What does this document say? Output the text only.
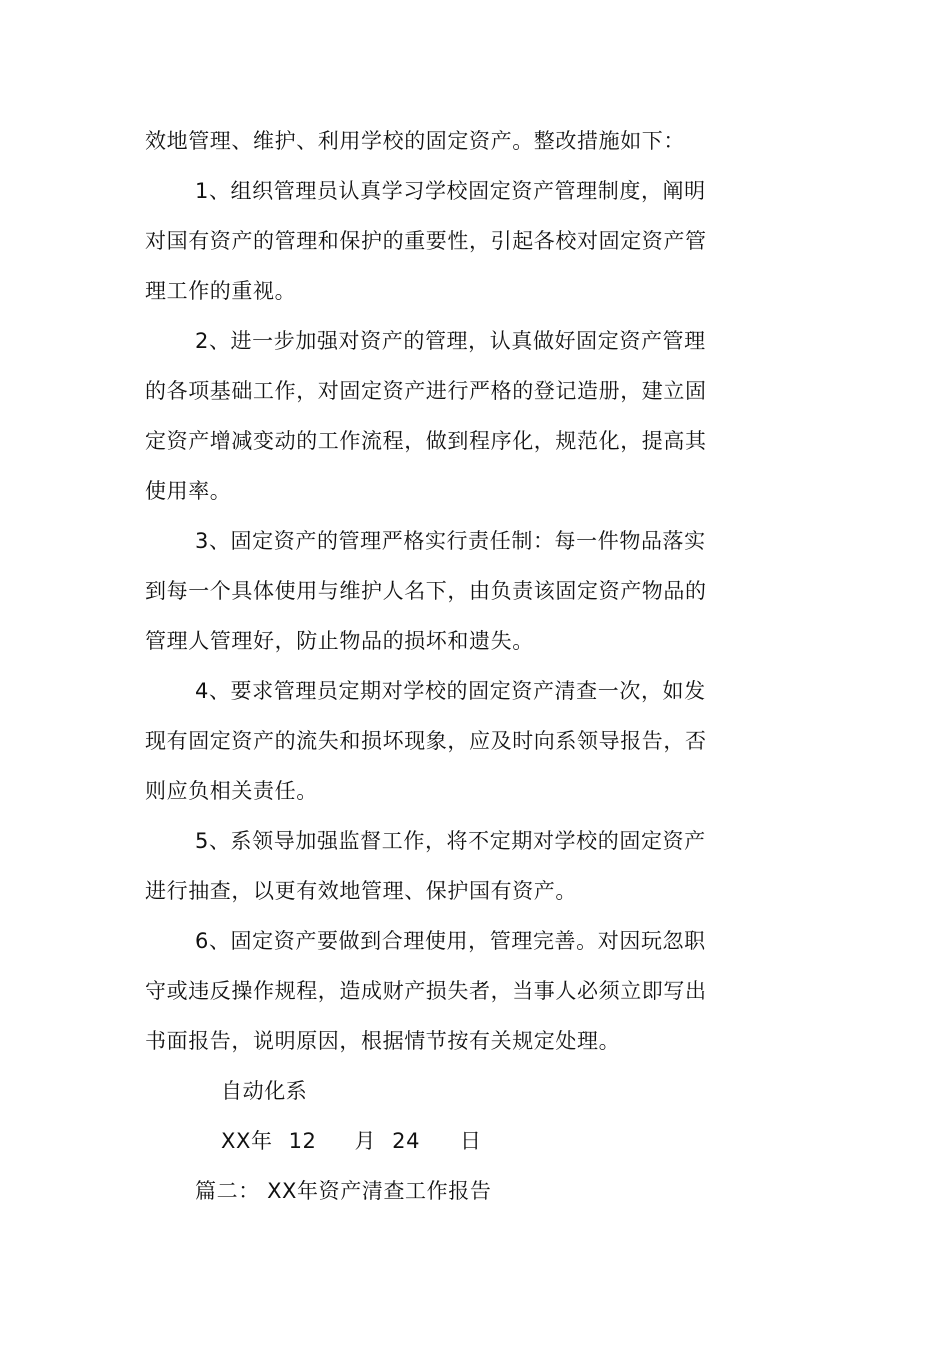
效地管理、维护、利用学校的固定资产。整改措施如下：
1、组织管理员认真学习学校固定资产管理制度，阐明
对国有资产的管理和保护的重要性，引起各校对固定资产管
理工作的重视。
2、进一步加强对资产的管理，认真做好固定资产管理
的各项基础工作，对固定资产进行严格的登记造册，建立固
定资产增减变动的工作流程，做到程序化，规范化，提高其
使用率。
3、固定资产的管理严格实行责任制：每一件物品落实
到每一个具体使用与维护人名下，由负责该固定资产物品的
管理人管理好，防止物品的损坏和遗失。
4、要求管理员定期对学校的固定资产清查一次，如发
现有固定资产的流失和损坏现象，应及时向系领导报告，否
则应负相关责任。
5、系领导加强监督工作，将不定期对学校的固定资产
进行抽查，以更有效地管理、保护国有资产。
6、固定资产要做到合理使用，管理完善。对因玩忽职
守或违反操作规程，造成财产损失者，当事人必须立即写出
书面报告，说明原因，根据情节按有关规定处理。
自动化系
XX年 12 月 24 日
篇二： XX年资产清查工作报告
